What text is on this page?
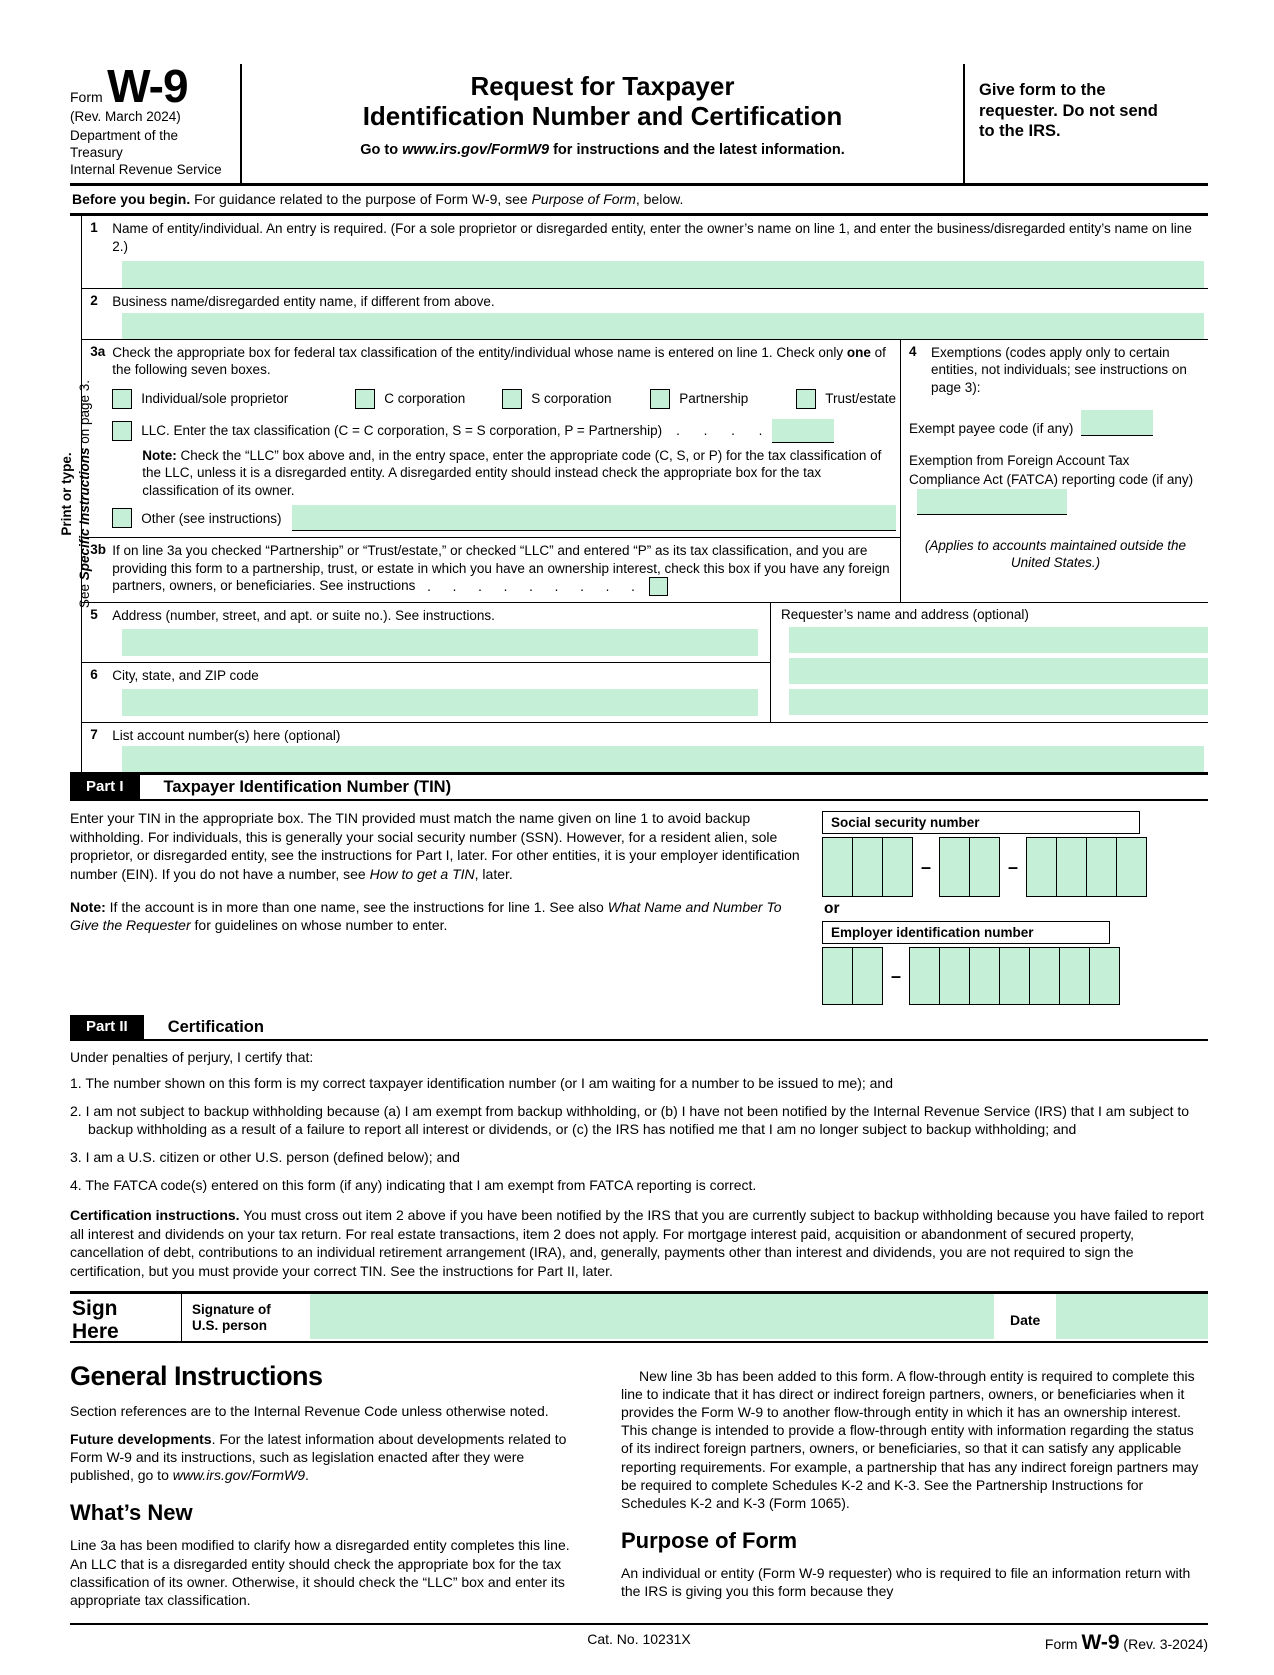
Form W-9
(Rev. March 2024)
Department of the Treasury
Internal Revenue Service
Request for Taxpayer
Identification Number and Certification
Go to www.irs.gov/FormW9 for instructions and the latest information.
Give form to the requester. Do not send to the IRS.
Before you begin. For guidance related to the purpose of Form W-9, see Purpose of Form, below.
Print or type.
See Specific Instructions on page 3.
1	Name of entity/individual. An entry is required. (For a sole proprietor or disregarded entity, enter the owner’s name on line 1, and enter the business/disregarded entity’s name on line 2.)
2	Business name/disregarded entity name, if different from above.
3a Check the appropriate box for federal tax classification of the entity/individual whose name is entered on line 1. Check only one of the following seven boxes.
Individual/sole proprietor	C corporation	S corporation	Partnership	Trust/estate
LLC. Enter the tax classification (C = C corporation, S = S corporation, P = Partnership) . . . .
Note: Check the “LLC” box above and, in the entry space, enter the appropriate code (C, S, or P) for the tax classification of the LLC, unless it is a disregarded entity. A disregarded entity should instead check the appropriate box for the tax classification of its owner.
Other (see instructions)
3b If on line 3a you checked “Partnership” or “Trust/estate,” or checked “LLC” and entered “P” as its tax classification, and you are providing this form to a partnership, trust, or estate in which you have an ownership interest, check this box if you have any foreign partners, owners, or beneficiaries. See instructions . . . . . . . . .
4	Exemptions (codes apply only to certain entities, not individuals; see instructions on page 3):
Exempt payee code (if any)
Exemption from Foreign Account Tax Compliance Act (FATCA) reporting code (if any)
(Applies to accounts maintained outside the United States.)
5	Address (number, street, and apt. or suite no.). See instructions.
6	City, state, and ZIP code
Requester’s name and address (optional)
7	List account number(s) here (optional)
Part I	Taxpayer Identification Number (TIN)

Enter your TIN in the appropriate box. The TIN provided must match the name given on line 1 to avoid backup withholding. For individuals, this is generally your social security number (SSN). However, for a resident alien, sole proprietor, or disregarded entity, see the instructions for Part I, later. For other entities, it is your employer identification number (EIN). If you do not have a number, see How to get a TIN, later.

Note: If the account is in more than one name, see the instructions for line 1. See also What Name and Number To Give the Requester for guidelines on whose number to enter.

Social security number
–	–
or
Employer identification number
–
Part II	Certification

Under penalties of perjury, I certify that:

1. The number shown on this form is my correct taxpayer identification number (or I am waiting for a number to be issued to me); and

2. I am not subject to backup withholding because (a) I am exempt from backup withholding, or (b) I have not been notified by the Internal Revenue Service (IRS) that I am subject to backup withholding as a result of a failure to report all interest or dividends, or (c) the IRS has notified me that I am no longer subject to backup withholding; and

3. I am a U.S. citizen or other U.S. person (defined below); and

4. The FATCA code(s) entered on this form (if any) indicating that I am exempt from FATCA reporting is correct.

Certification instructions. You must cross out item 2 above if you have been notified by the IRS that you are currently subject to backup withholding because you have failed to report all interest and dividends on your tax return. For real estate transactions, item 2 does not apply. For mortgage interest paid, acquisition or abandonment of secured property, cancellation of debt, contributions to an individual retirement arrangement (IRA), and, generally, payments other than interest and dividends, you are not required to sign the certification, but you must provide your correct TIN. See the instructions for Part II, later.

Sign
Here
Signature of
U.S. person	Date
General Instructions

Section references are to the Internal Revenue Code unless otherwise noted.

Future developments. For the latest information about developments related to Form W-9 and its instructions, such as legislation enacted after they were published, go to www.irs.gov/FormW9.

What’s New

Line 3a has been modified to clarify how a disregarded entity completes this line. An LLC that is a disregarded entity should check the appropriate box for the tax classification of its owner. Otherwise, it should check the “LLC” box and enter its appropriate tax classification.

New line 3b has been added to this form. A flow-through entity is required to complete this line to indicate that it has direct or indirect foreign partners, owners, or beneficiaries when it provides the Form W-9 to another flow-through entity in which it has an ownership interest. This change is intended to provide a flow-through entity with information regarding the status of its indirect foreign partners, owners, or beneficiaries, so that it can satisfy any applicable reporting requirements. For example, a partnership that has any indirect foreign partners may be required to complete Schedules K-2 and K-3. See the Partnership Instructions for Schedules K-2 and K-3 (Form 1065).

Purpose of Form

An individual or entity (Form W-9 requester) who is required to file an information return with the IRS is giving you this form because they

Cat. No. 10231X	Form W-9 (Rev. 3-2024)
